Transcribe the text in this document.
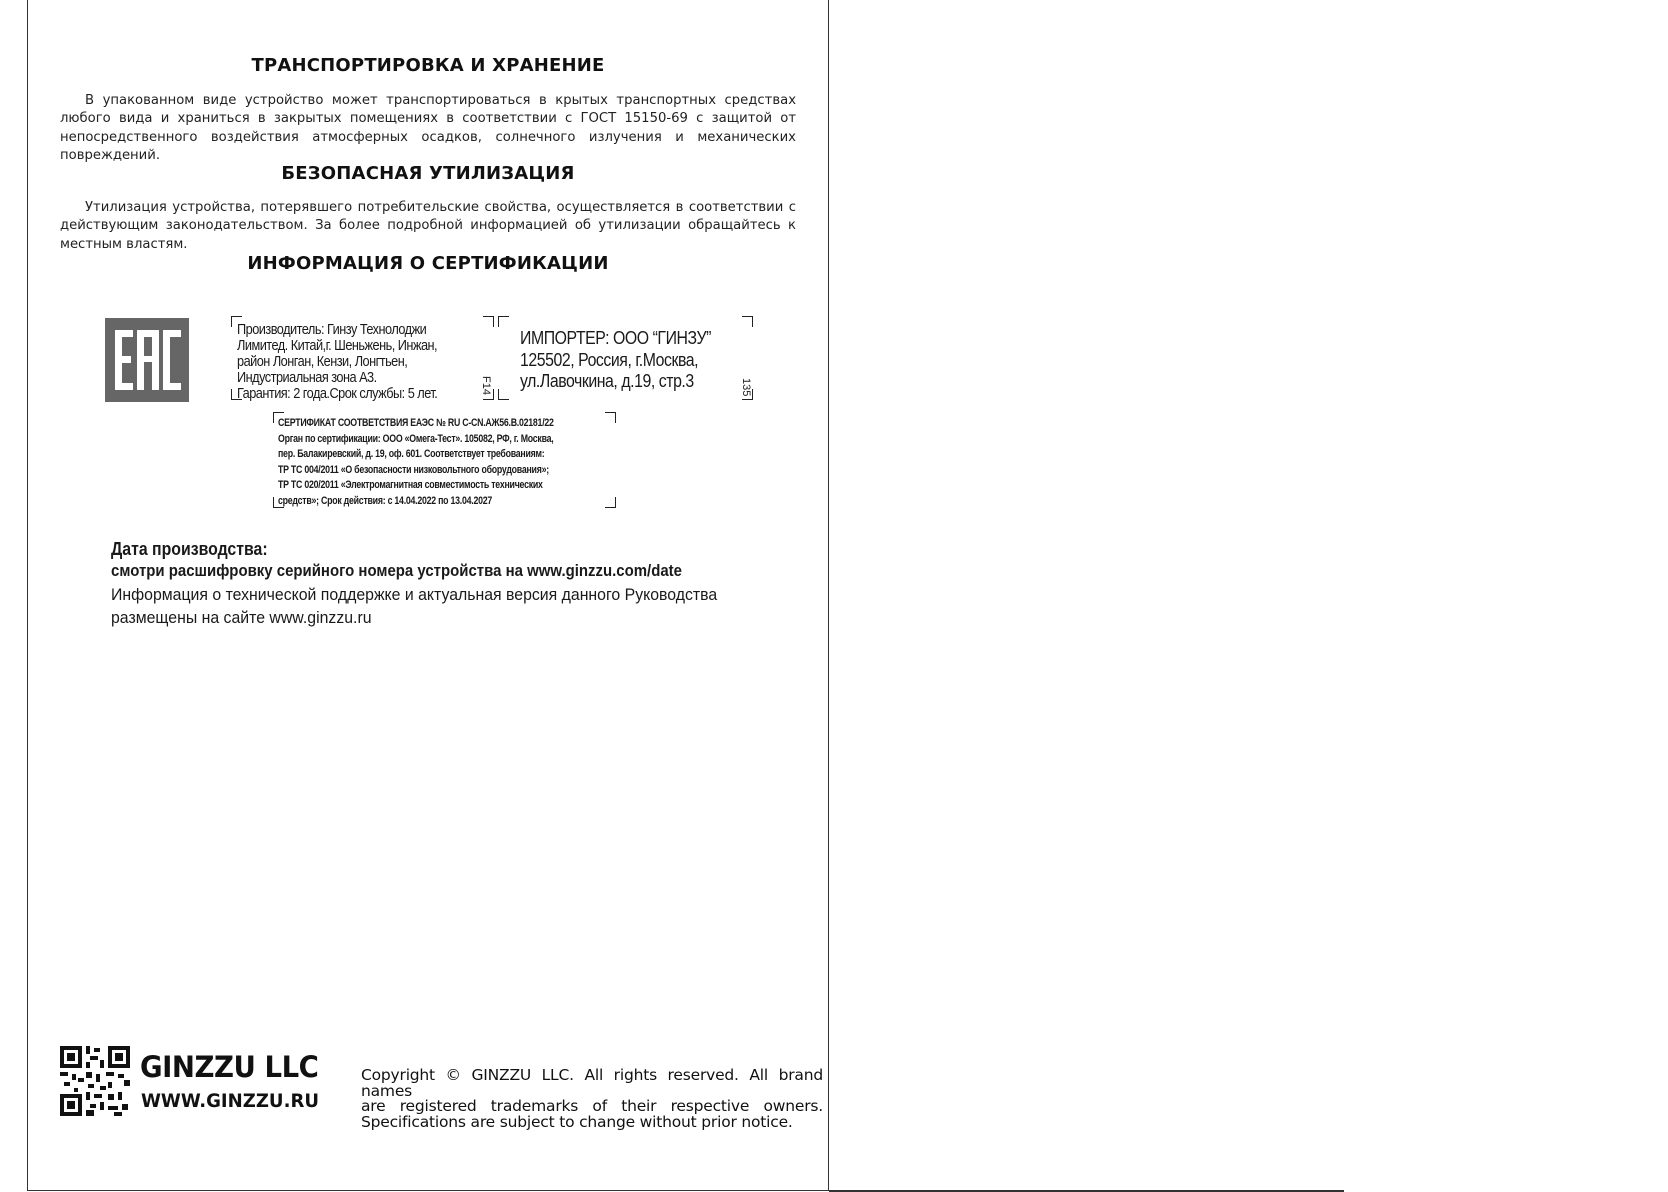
ТРАНСПОРТИРОВКА И ХРАНЕНИЕ

В упакованном виде устройство может транспортироваться в крытых транспортных средствах любого вида и храниться в закрытых помещениях в соответствии с ГОСТ 15150-69 с защитой от непосредственного воздействия атмосферных осадков, солнечного излучения и механических повреждений.

БЕЗОПАСНАЯ УТИЛИЗАЦИЯ

Утилизация устройства, потерявшего потребительские свойства, осуществляется в соответствии с действующим законодательством. За более подробной информацией об утилизации обращайтесь к местным властям.

ИНФОРМАЦИЯ О СЕРТИФИКАЦИИ
Производитель: Гинзу Технолоджи
Лимитед. Китай,г. Шеньжень, Инжан,
район Лонган, Кензи, Лонгтьен,
Индустриальная зона А3.
Гарантия: 2 года.Срок службы: 5 лет.	F14
ИМПОРТЕР: ООО “ГИНЗУ”
125502, Россия, г.Москва,
ул.Лавочкина, д.19, стр.3	135
СЕРТИФИКАТ СООТВЕТСТВИЯ ЕАЭС № RU С-CN.АЖ56.В.02181/22
Орган по сертификации: ООО «Омега-Тест». 105082, РФ, г. Москва,
пер. Балакиревский, д. 19, оф. 601. Соответствует требованиям:
ТР ТС 004/2011 «О безопасности низковольтного оборудования»;
ТР ТС 020/2011 «Электромагнитная совместимость технических
средств»; Срок действия: с 14.04.2022 по 13.04.2027
Дата производства:
смотри расшифровку серийного номера устройства на www.ginzzu.com/date
Информация о технической поддержке и актуальная версия данного Руководства
размещены на сайте www.ginzzu.ru
GINZZU LLC
WWW.GINZZU.RU
Copyright © GINZZU LLC. All rights reserved. All brand names
are registered trademarks of their respective owners.
Specifications are subject to change without prior notice.
